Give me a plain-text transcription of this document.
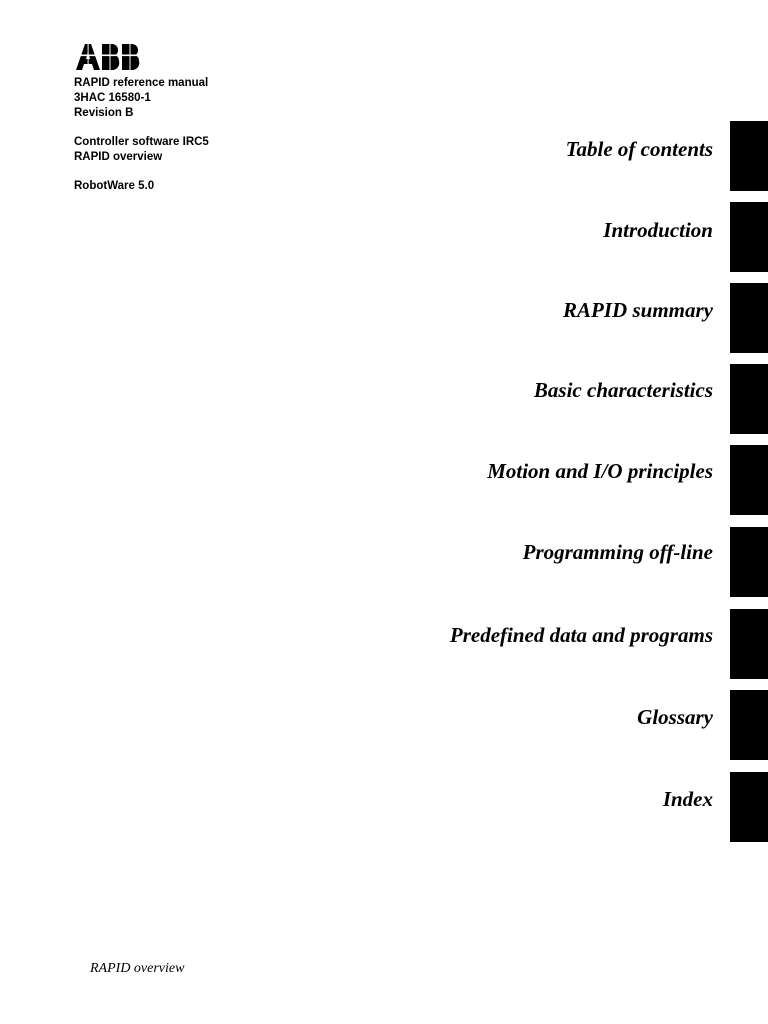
RAPID reference manual
3HAC 16580-1
Revision B
Controller software IRC5
RAPID overview
RobotWare 5.0
Table of contents
Introduction
RAPID summary
Basic characteristics
Motion and I/O principles
Programming off-line
Predefined data and programs
Glossary
Index
RAPID overview
